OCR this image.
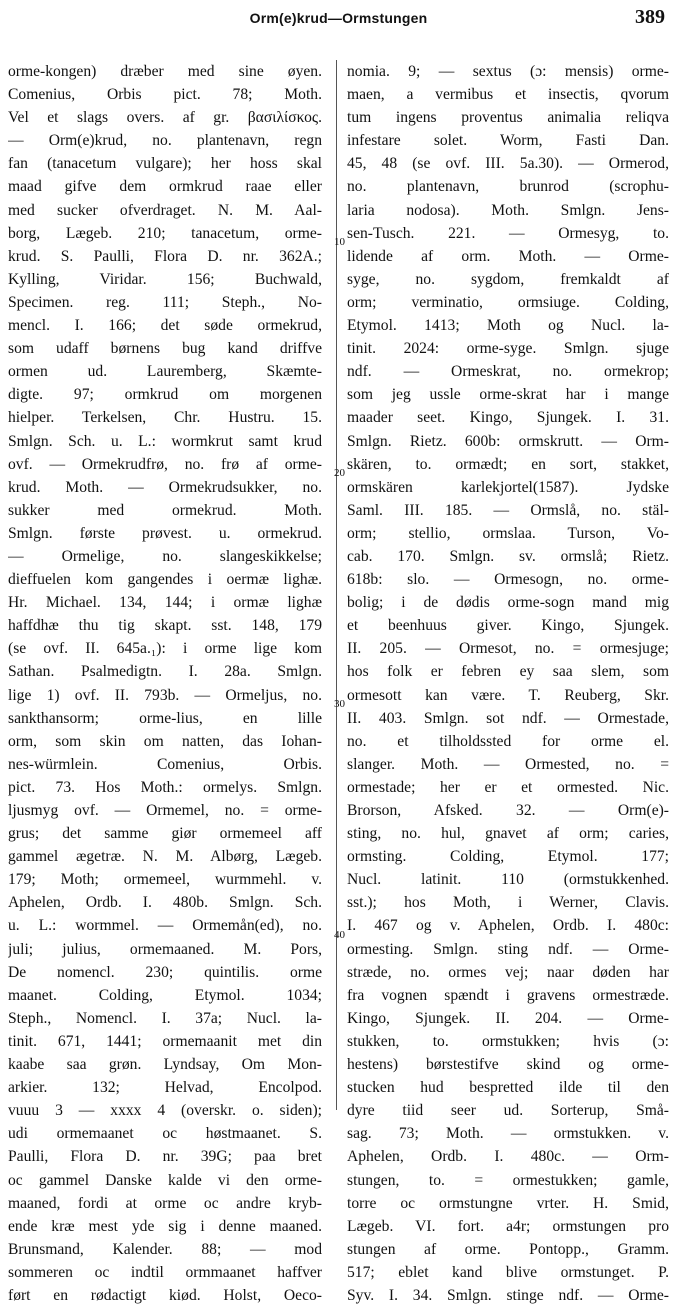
Orm(e)krud—Ormstungen	389
orme-kongen) dræber med sine øyen.
Comenius, Orbis pict. 78; Moth.
Vel et slags overs. af gr. βασιλίσκος.
— Orm(e)krud, no. plantenavn, regn
fan (tanacetum vulgare); her hoss skal
maad gifve dem ormkrud raae eller
med sucker ofverdraget. N. M. Aal-
borg, Lægeb. 210; tanacetum, orme-
krud. S. Paulli, Flora D. nr. 362A.;
Kylling, Viridar. 156; Buchwald,
Specimen. reg. 111; Steph., No-
mencl. I. 166; det søde ormekrud,
som udaff børnens bug kand driffve
ormen ud. Lauremberg, Skæmte-
digte. 97; ormkrud om morgenen
hielper. Terkelsen, Chr. Hustru. 15.
Smlgn. Sch. u. L.: wormkrut samt krud
ovf. — Ormekrudfrø, no. frø af orme-
krud. Moth. — Ormekrudsukker, no.
sukker med ormekrud. Moth.
Smlgn. første prøvest. u. ormekrud.
— Ormelige, no. slangeskikkelse;
dieffuelen kom gangendes i oermæ lighæ.
Hr. Michael. 134, 144; i ormæ lighæ
haffdhæ thu tig skapt. sst. 148, 179
(se ovf. II. 645a.₁): i orme lige kom
Sathan. Psalmedigtn. I. 28a. Smlgn.
lige 1) ovf. II. 793b. — Ormeljus, no.
sankthansorm; orme-lius, en lille
orm, som skin om natten, das Iohan-
nes-würmlein. Comenius, Orbis.
pict. 73. Hos Moth.: ormelys. Smlgn.
ljusmyg ovf. — Ormemel, no. = orme-
grus; det samme giør ormemeel aff
gammel ægetræ. N. M. Albørg, Lægeb.
179; Moth; ormemeel, wurmmehl. v.
Aphelen, Ordb. I. 480b. Smlgn. Sch.
u. L.: wormmel. — Ormemån(ed), no.
juli; julius, ormemaaned. M. Pors,
De nomencl. 230; quintilis. orme
maanet. Colding, Etymol. 1034;
Steph., Nomencl. I. 37a; Nucl. la-
tinit. 671, 1441; ormemaanit met din
kaabe saa grøn. Lyndsay, Om Mon-
arkier. 132; Helvad, Encolpod.
vuuu 3 — xxxx 4 (overskr. o. siden);
udi ormemaanet oc høstmaanet. S.
Paulli, Flora D. nr. 39G; paa bret
oc gammel Danske kalde vi den orme-
maaned, fordi at orme oc andre kryb-
ende kræ mest yde sig i denne maaned.
Brunsmand, Kalender. 88; — mod
sommeren oc indtil ormmaanet haffver
ført en rødactigt kiød. Holst, Oeco-
nomia. 9; — sextus (ɔ: mensis) orme-
maen, a vermibus et insectis, qvorum
tum ingens proventus animalia reliqva
infestare solet. Worm, Fasti Dan.
45, 48 (se ovf. III. 5a.30). — Ormerod,
no. plantenavn, brunrod (scrophu-
laria nodosa). Moth. Smlgn. Jens-
sen-Tusch. 221. — Ormesyg, to.
lidende af orm. Moth. — Orme-
syge, no. sygdom, fremkaldt af
orm; verminatio, ormsiuge. Colding,
Etymol. 1413; Moth og Nucl. la-
tinit. 2024: orme-syge. Smlgn. sjuge
ndf. — Ormeskrat, no. ormekrop;
som jeg ussle orme-skrat har i mange
maader seet. Kingo, Sjungek. I. 31.
Smlgn. Rietz. 600b: ormskrutt. — Orm-
skären, to. ormædt; en sort, stakket,
ormskären karlekjortel(1587). Jydske
Saml. III. 185. — Ormslå, no. stäl-
orm; stellio, ormslaa. Turson, Vo-
cab. 170. Smlgn. sv. ormslå; Rietz.
618b: slo. — Ormesogn, no. orme-
bolig; i de dødis orme-sogn mand mig
et beenhuus giver. Kingo, Sjungek.
II. 205. — Ormesot, no. = ormesjuge;
hos folk er febren ey saa slem, som
ormesott kan være. T. Reuberg, Skr.
II. 403. Smlgn. sot ndf. — Ormestade,
no. et tilholdssted for orme el.
slanger. Moth. — Ormested, no. =
ormestade; her er et ormested. Nic.
Brorson, Afsked. 32. — Orm(e)-
sting, no. hul, gnavet af orm; caries,
ormsting. Colding, Etymol. 177;
Nucl. latinit. 110 (ormstukkenhed.
sst.); hos Moth, i Werner, Clavis.
I. 467 og v. Aphelen, Ordb. I. 480c:
ormesting. Smlgn. sting ndf. — Orme-
stræde, no. ormes vej; naar døden har
fra vognen spændt i gravens ormestræde.
Kingo, Sjungek. II. 204. — Orme-
stukken, to. ormstukken; hvis (ɔ:
hestens) børstestifve skind og orme-
stucken hud bespretted ilde til den
dyre tiid seer ud. Sorterup, Små-
sag. 73; Moth. — ormstukken. v.
Aphelen, Ordb. I. 480c. — Orm-
stungen, to. = ormestukken; gamle,
torre oc ormstungne vrter. H. Smid,
Lægeb. VI. fort. a4r; ormstungen pro
stungen af orme. Pontopp., Gramm.
517; eblet kand blive ormstunget. P.
Syv. I. 34. Smlgn. stinge ndf. — Orme-
10
20
30
40
